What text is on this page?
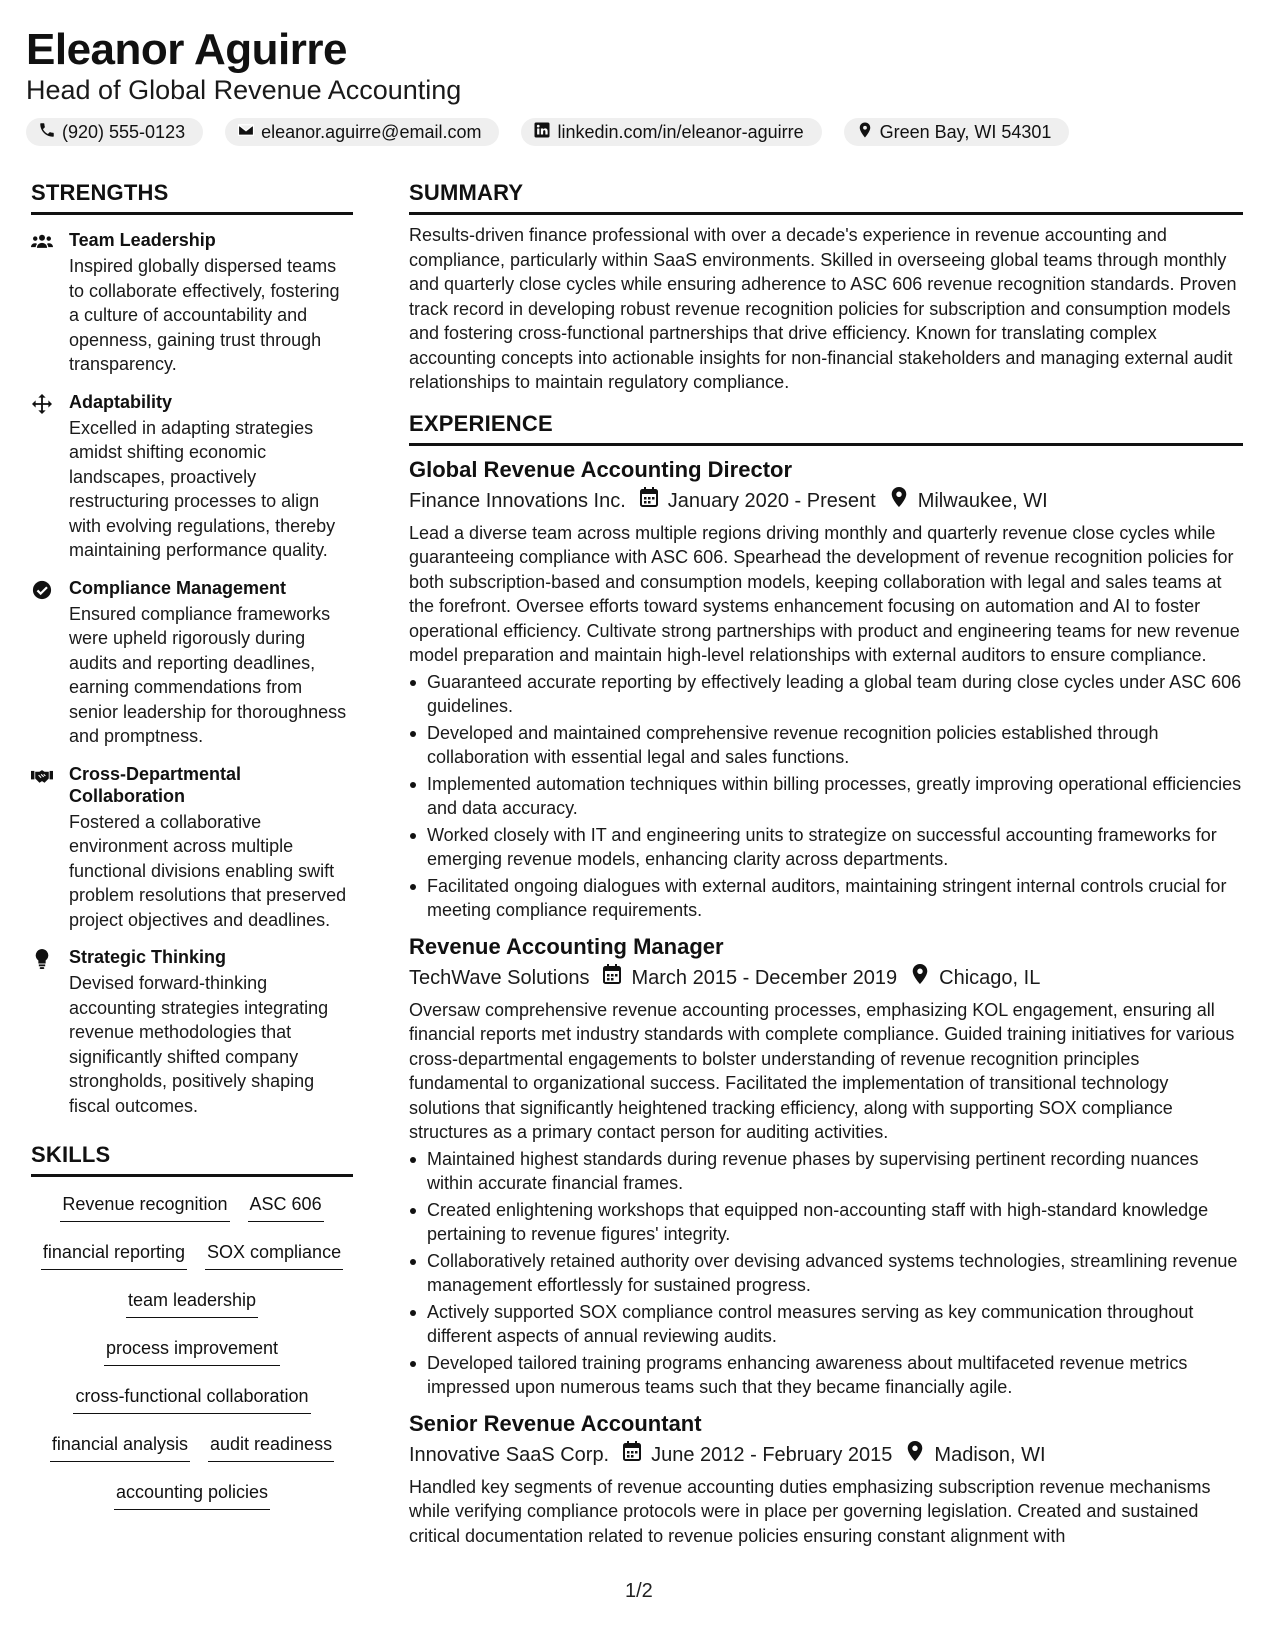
Eleanor Aguirre
Head of Global Revenue Accounting
(920) 555-0123	eleanor.aguirre@email.com	linkedin.com/in/eleanor-aguirre	Green Bay, WI 54301
STRENGTHS
Team Leadership
Inspired globally dispersed teams to collaborate effectively, fostering a culture of accountability and openness, gaining trust through transparency.
Adaptability
Excelled in adapting strategies amidst shifting economic landscapes, proactively restructuring processes to align with evolving regulations, thereby maintaining performance quality.
Compliance Management
Ensured compliance frameworks were upheld rigorously during audits and reporting deadlines, earning commendations from senior leadership for thoroughness and promptness.
Cross-Departmental Collaboration
Fostered a collaborative environment across multiple functional divisions enabling swift problem resolutions that preserved project objectives and deadlines.
Strategic Thinking
Devised forward-thinking accounting strategies integrating revenue methodologies that significantly shifted company strongholds, positively shaping fiscal outcomes.
SKILLS
Revenue recognition ASC 606
financial reporting SOX compliance
team leadership
process improvement
cross-functional collaboration
financial analysis audit readiness
accounting policies
SUMMARY
Results-driven finance professional with over a decade's experience in revenue accounting and compliance, particularly within SaaS environments. Skilled in overseeing global teams through monthly and quarterly close cycles while ensuring adherence to ASC 606 revenue recognition standards. Proven track record in developing robust revenue recognition policies for subscription and consumption models and fostering cross-functional partnerships that drive efficiency. Known for translating complex accounting concepts into actionable insights for non-financial stakeholders and managing external audit relationships to maintain regulatory compliance.
EXPERIENCE
Global Revenue Accounting Director
Finance Innovations Inc. January 2020 - Present Milwaukee, WI
Lead a diverse team across multiple regions driving monthly and quarterly revenue close cycles while guaranteeing compliance with ASC 606. Spearhead the development of revenue recognition policies for both subscription-based and consumption models, keeping collaboration with legal and sales teams at the forefront. Oversee efforts toward systems enhancement focusing on automation and AI to foster operational efficiency. Cultivate strong partnerships with product and engineering teams for new revenue model preparation and maintain high-level relationships with external auditors to ensure compliance.
Guaranteed accurate reporting by effectively leading a global team during close cycles under ASC 606 guidelines.
Developed and maintained comprehensive revenue recognition policies established through collaboration with essential legal and sales functions.
Implemented automation techniques within billing processes, greatly improving operational efficiencies and data accuracy.
Worked closely with IT and engineering units to strategize on successful accounting frameworks for emerging revenue models, enhancing clarity across departments.
Facilitated ongoing dialogues with external auditors, maintaining stringent internal controls crucial for meeting compliance requirements.
Revenue Accounting Manager
TechWave Solutions March 2015 - December 2019 Chicago, IL
Oversaw comprehensive revenue accounting processes, emphasizing KOL engagement, ensuring all financial reports met industry standards with complete compliance. Guided training initiatives for various cross-departmental engagements to bolster understanding of revenue recognition principles fundamental to organizational success. Facilitated the implementation of transitional technology solutions that significantly heightened tracking efficiency, along with supporting SOX compliance structures as a primary contact person for auditing activities.
Maintained highest standards during revenue phases by supervising pertinent recording nuances within accurate financial frames.
Created enlightening workshops that equipped non-accounting staff with high-standard knowledge pertaining to revenue figures' integrity.
Collaboratively retained authority over devising advanced systems technologies, streamlining revenue management effortlessly for sustained progress.
Actively supported SOX compliance control measures serving as key communication throughout different aspects of annual reviewing audits.
Developed tailored training programs enhancing awareness about multifaceted revenue metrics impressed upon numerous teams such that they became financially agile.
Senior Revenue Accountant
Innovative SaaS Corp. June 2012 - February 2015 Madison, WI
Handled key segments of revenue accounting duties emphasizing subscription revenue mechanisms while verifying compliance protocols were in place per governing legislation. Created and sustained critical documentation related to revenue policies ensuring constant alignment with
1/2
